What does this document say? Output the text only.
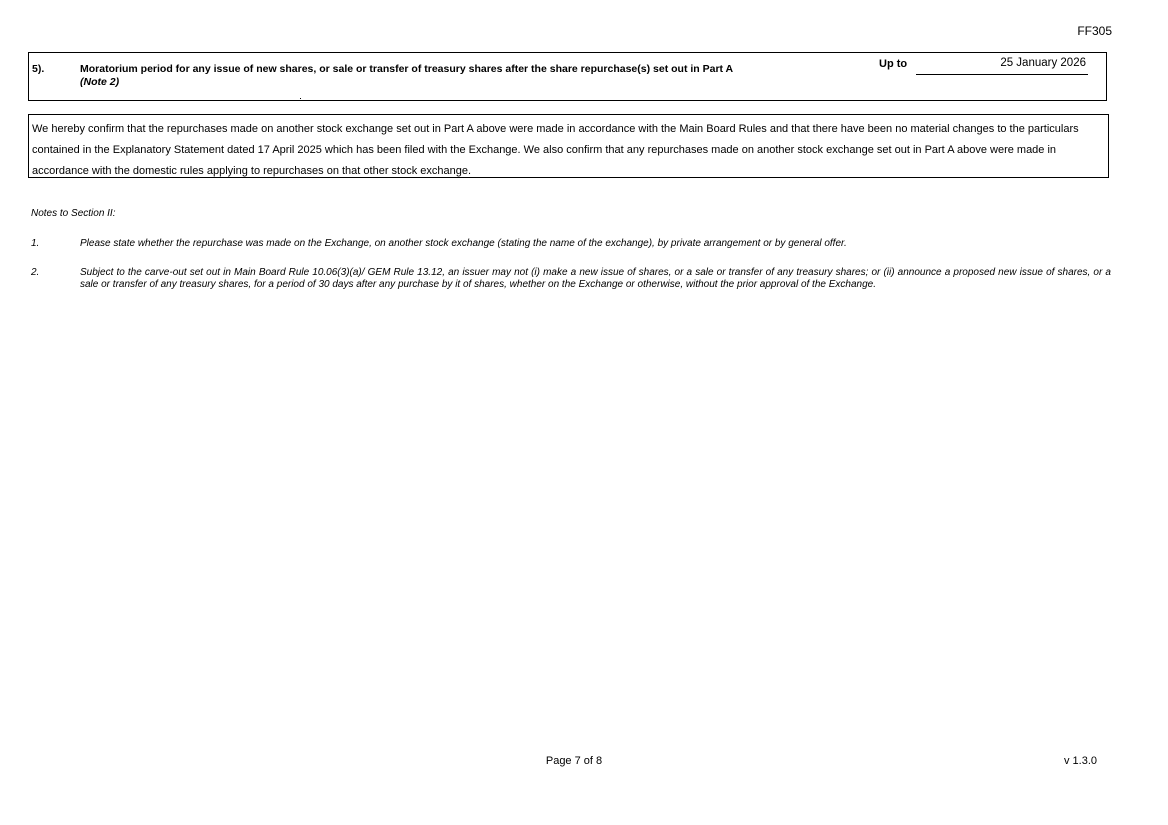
FF305
5).	Moratorium period for any issue of new shares, or sale or transfer of treasury shares after the share repurchase(s) set out in Part A
(Note 2)
Up to	25 January 2026
We hereby confirm that the repurchases made on another stock exchange set out in Part A above were made in accordance with the Main Board Rules and that there have been no material changes to the particulars contained in the Explanatory Statement dated 17 April 2025 which has been filed with the Exchange. We also confirm that any repurchases made on another stock exchange set out in Part A above were made in accordance with the domestic rules applying to repurchases on that other stock exchange.
Notes to Section II:
1.	Please state whether the repurchase was made on the Exchange, on another stock exchange (stating the name of the exchange), by private arrangement or by general offer.
2.	Subject to the carve-out set out in Main Board Rule 10.06(3)(a)/ GEM Rule 13.12, an issuer may not (i) make a new issue of shares, or a sale or transfer of any treasury shares; or (ii) announce a proposed new issue of shares, or a sale or transfer of any treasury shares, for a period of 30 days after any purchase by it of shares, whether on the Exchange or otherwise, without the prior approval of the Exchange.
Page 7 of 8	v 1.3.0
